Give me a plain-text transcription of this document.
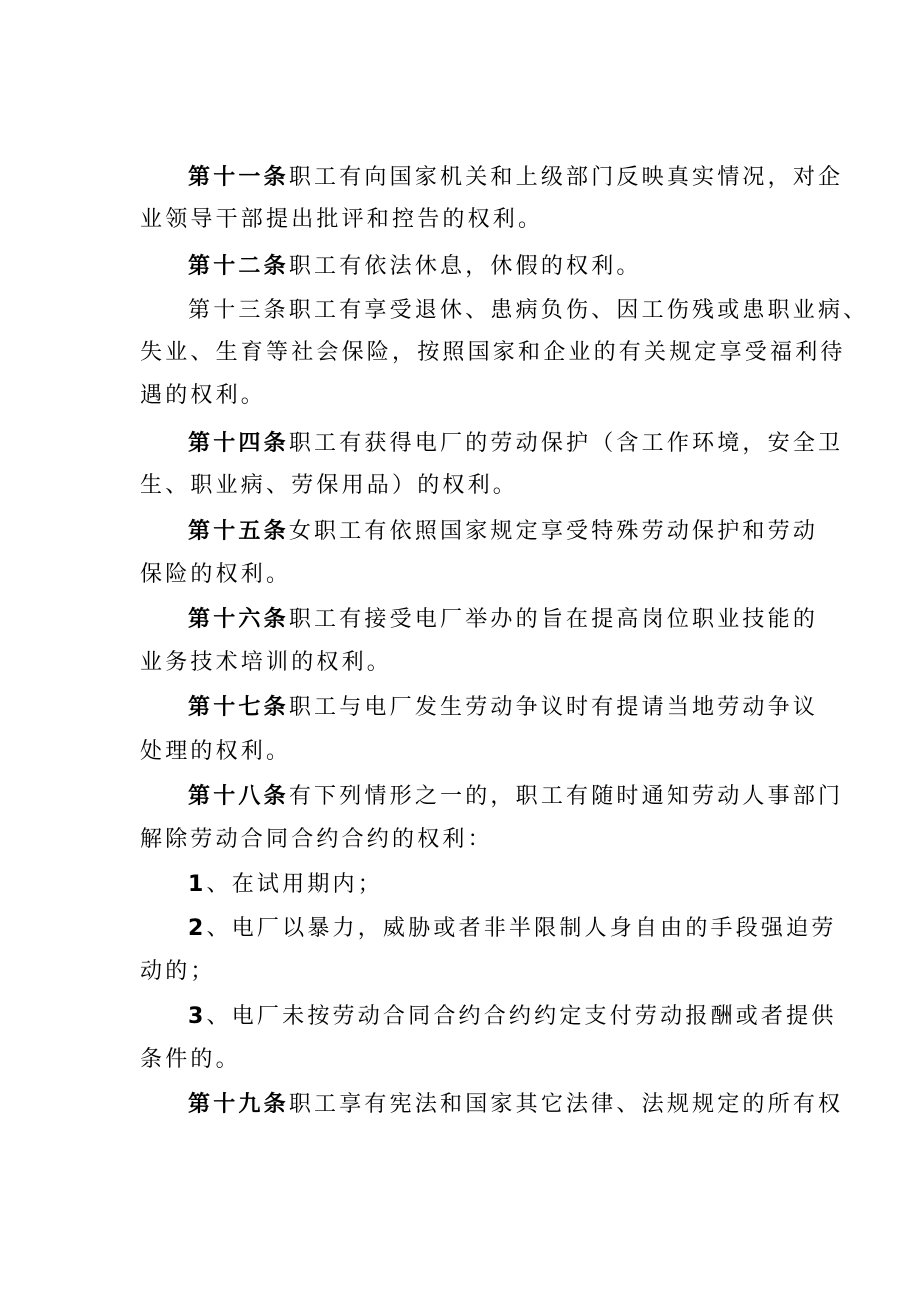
第十一条职工有向国家机关和上级部门反映真实情况，对企
业领导干部提出批评和控告的权利。
第十二条职工有依法休息，休假的权利。
第十三条职工有享受退休、患病负伤、因工伤残或患职业病、
失业、生育等社会保险，按照国家和企业的有关规定享受福利待
遇的权利。
第十四条职工有获得电厂的劳动保护（含工作环境，安全卫
生、职业病、劳保用品）的权利。
第十五条女职工有依照国家规定享受特殊劳动保护和劳动
保险的权利。
第十六条职工有接受电厂举办的旨在提高岗位职业技能的
业务技术培训的权利。
第十七条职工与电厂发生劳动争议时有提请当地劳动争议
处理的权利。
第十八条有下列情形之一的，职工有随时通知劳动人事部门
解除劳动合同合约合约的权利：
1、在试用期内；
2、电厂以暴力，威胁或者非半限制人身自由的手段强迫劳
动的；
3、电厂未按劳动合同合约合约约定支付劳动报酬或者提供
条件的。
第十九条职工享有宪法和国家其它法律、法规规定的所有权
